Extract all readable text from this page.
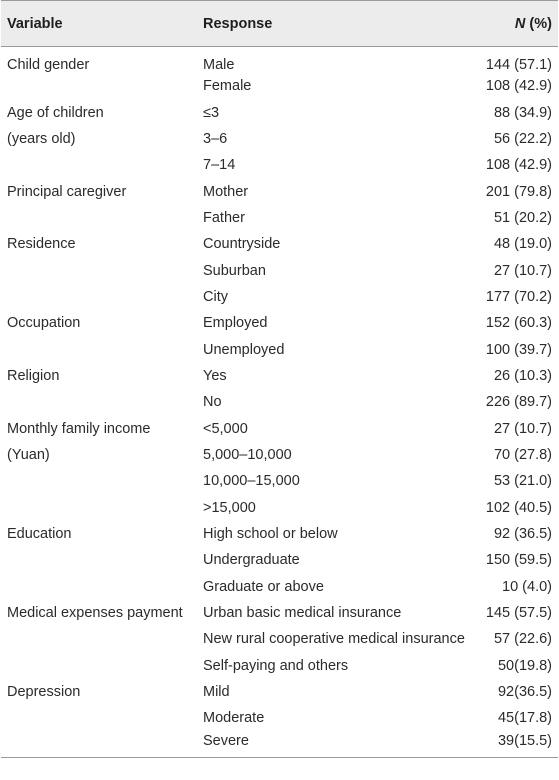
Variable	Response	N (%)
Child gender	Male	144 (57.1)
	Female	108 (42.9)
Age of children	≤3	88 (34.9)
(years old)	3–6	56 (22.2)
	7–14	108 (42.9)
Principal caregiver	Mother	201 (79.8)
	Father	51 (20.2)
Residence	Countryside	48 (19.0)
	Suburban	27 (10.7)
	City	177 (70.2)
Occupation	Employed	152 (60.3)
	Unemployed	100 (39.7)
Religion	Yes	26 (10.3)
	No	226 (89.7)
Monthly family income	<5,000	27 (10.7)
(Yuan)	5,000–10,000	70 (27.8)
	10,000–15,000	53 (21.0)
	>15,000	102 (40.5)
Education	High school or below	92 (36.5)
	Undergraduate	150 (59.5)
	Graduate or above	10 (4.0)
Medical expenses payment	Urban basic medical insurance	145 (57.5)
	New rural cooperative medical insurance	57 (22.6)
	Self-paying and others	50(19.8)
Depression	Mild	92(36.5)
	Moderate	45(17.8)
	Severe	39(15.5)
